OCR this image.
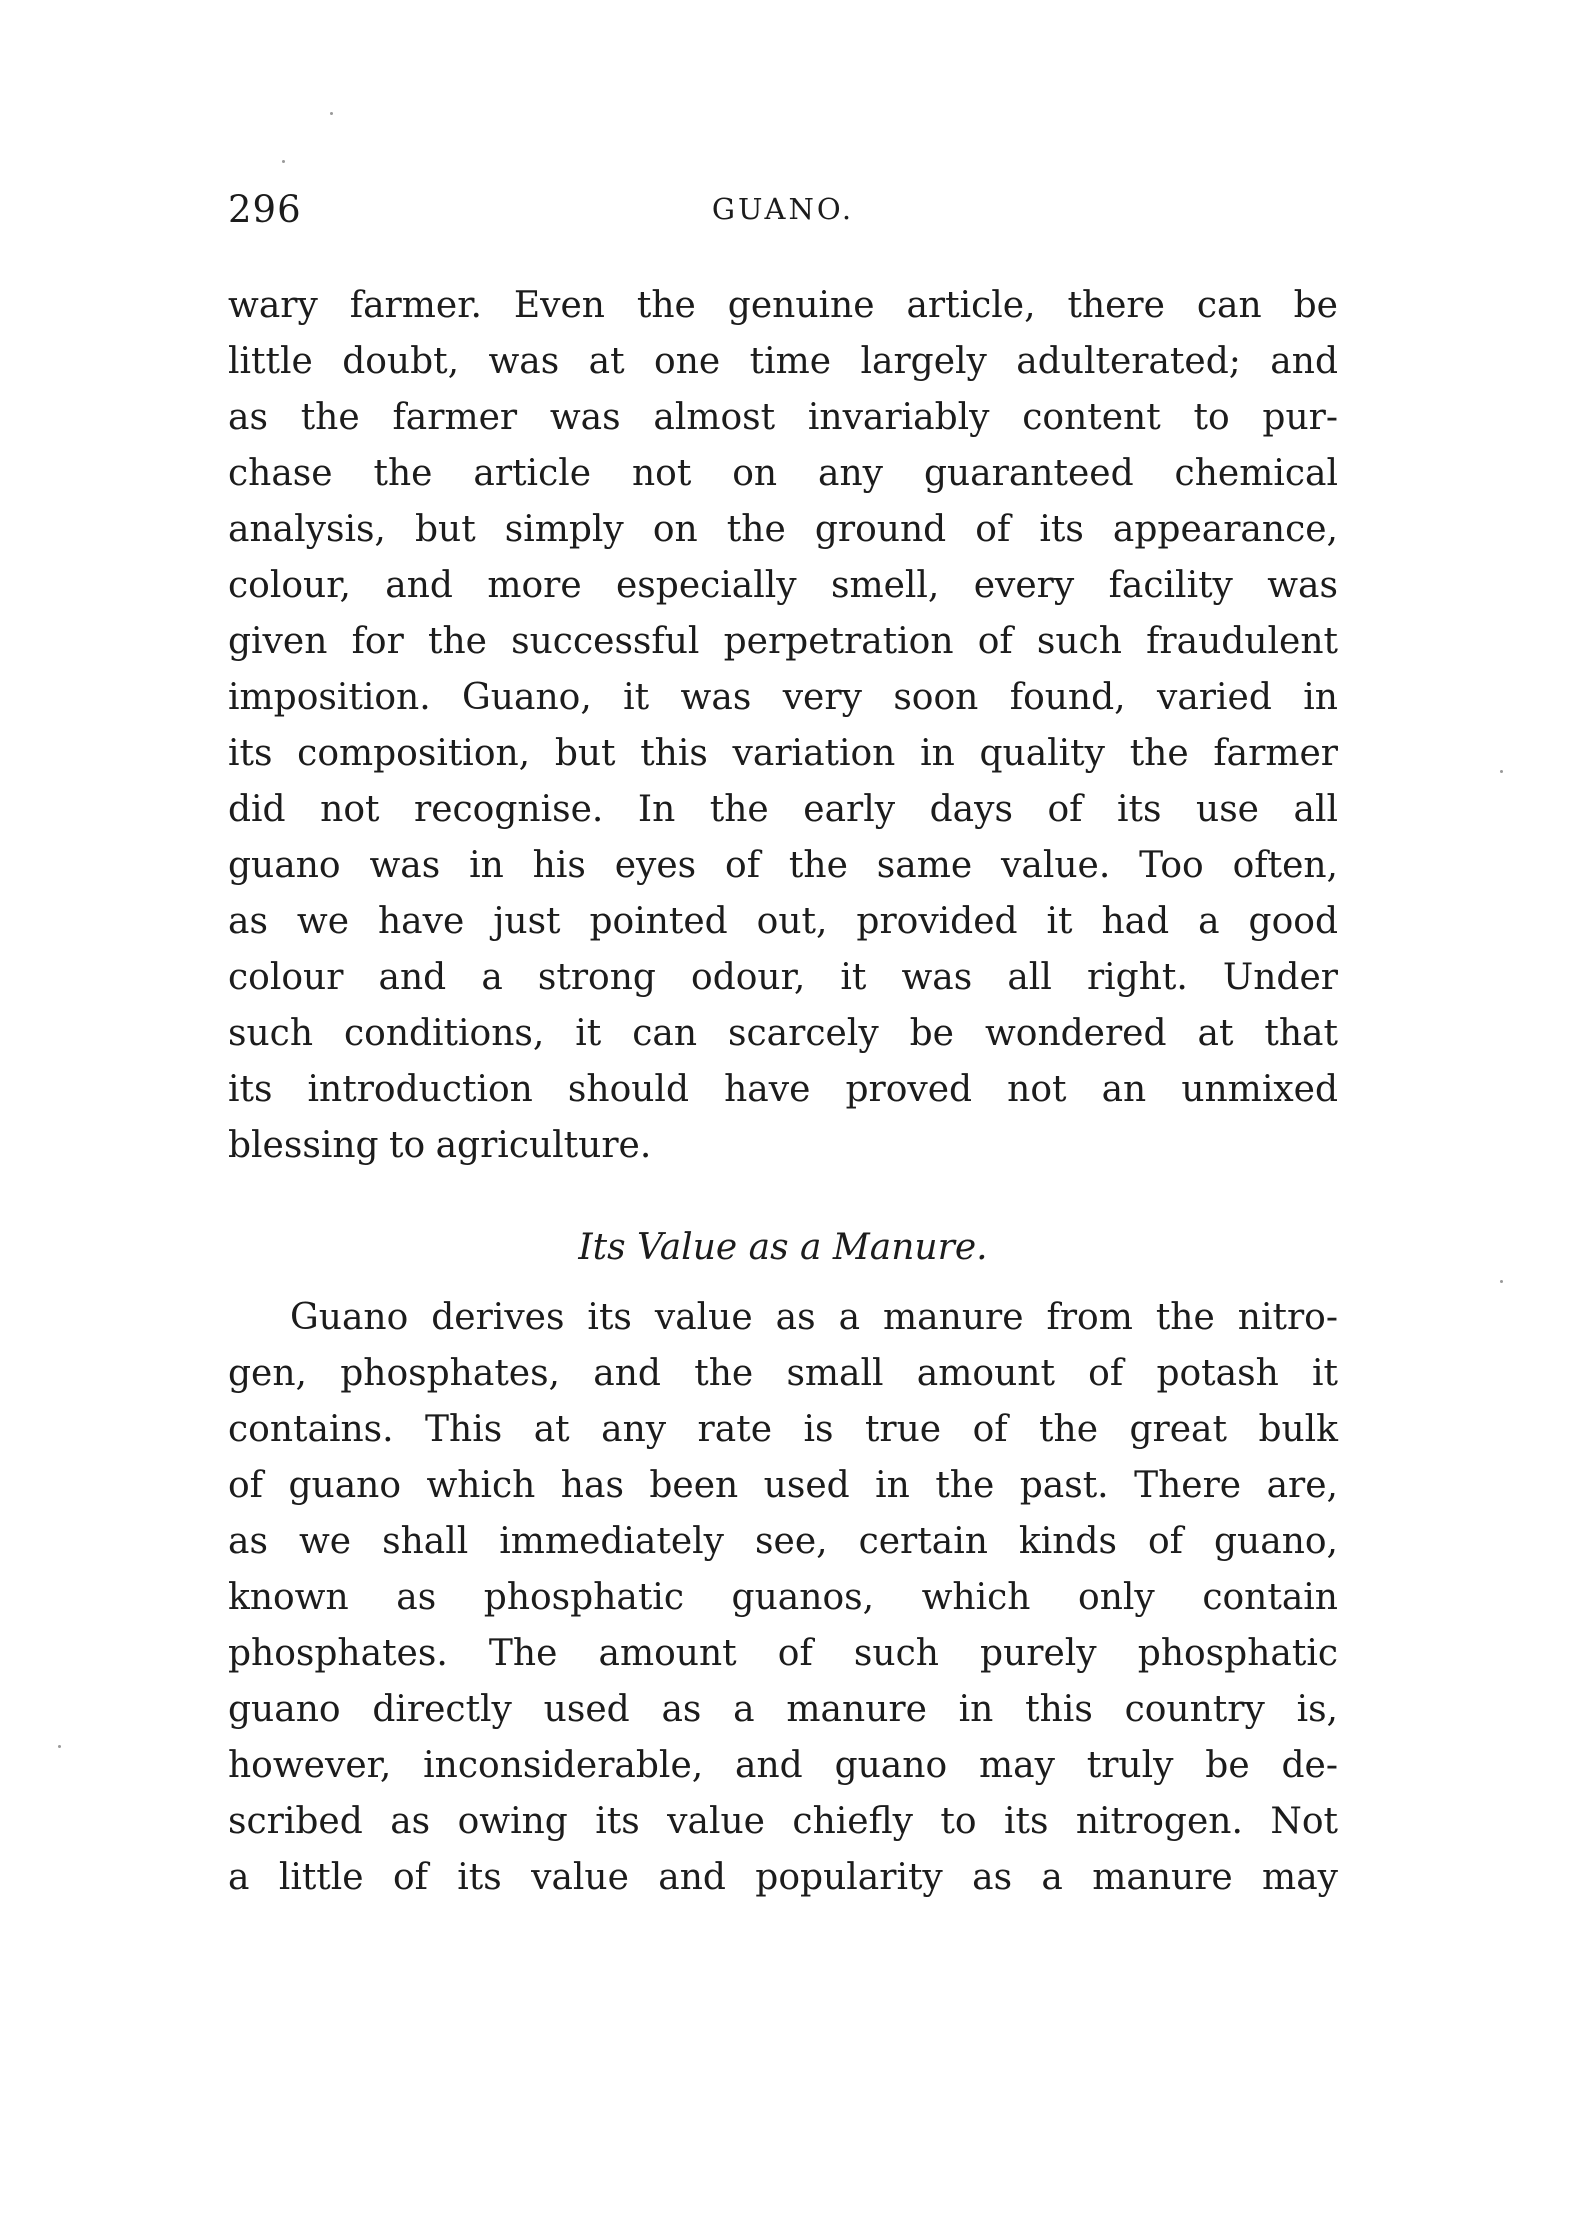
296	GUANO.
wary farmer. Even the genuine article, there can be
little doubt, was at one time largely adulterated; and
as the farmer was almost invariably content to pur-
chase the article not on any guaranteed chemical
analysis, but simply on the ground of its appearance,
colour, and more especially smell, every facility was
given for the successful perpetration of such fraudulent
imposition. Guano, it was very soon found, varied in
its composition, but this variation in quality the farmer
did not recognise. In the early days of its use all
guano was in his eyes of the same value. Too often,
as we have just pointed out, provided it had a good
colour and a strong odour, it was all right. Under
such conditions, it can scarcely be wondered at that
its introduction should have proved not an unmixed
blessing to agriculture.
Its Value as a Manure.
Guano derives its value as a manure from the nitro-
gen, phosphates, and the small amount of potash it
contains. This at any rate is true of the great bulk
of guano which has been used in the past. There are,
as we shall immediately see, certain kinds of guano,
known as phosphatic guanos, which only contain
phosphates. The amount of such purely phosphatic
guano directly used as a manure in this country is,
however, inconsiderable, and guano may truly be de-
scribed as owing its value chiefly to its nitrogen. Not
a little of its value and popularity as a manure may
